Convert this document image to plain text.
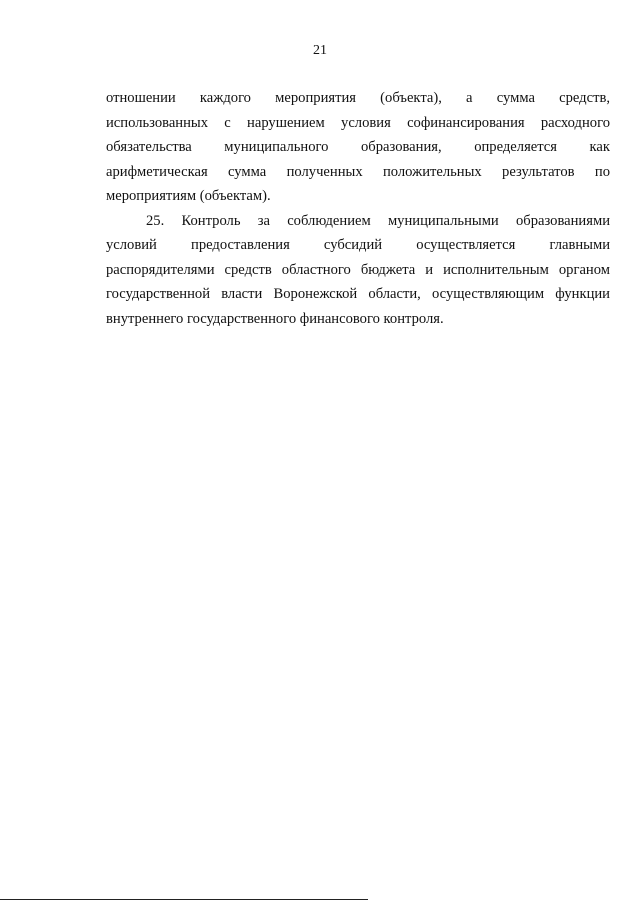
21
отношении каждого мероприятия (объекта), а сумма средств,
использованных с нарушением условия софинансирования расходного
обязательства муниципального образования, определяется как
арифметическая сумма полученных положительных результатов по
мероприятиям (объектам).
25. Контроль за соблюдением муниципальными образованиями
условий предоставления субсидий осуществляется главными
распорядителями средств областного бюджета и исполнительным органом
государственной власти Воронежской области, осуществляющим функции
внутреннего государственного финансового контроля.
